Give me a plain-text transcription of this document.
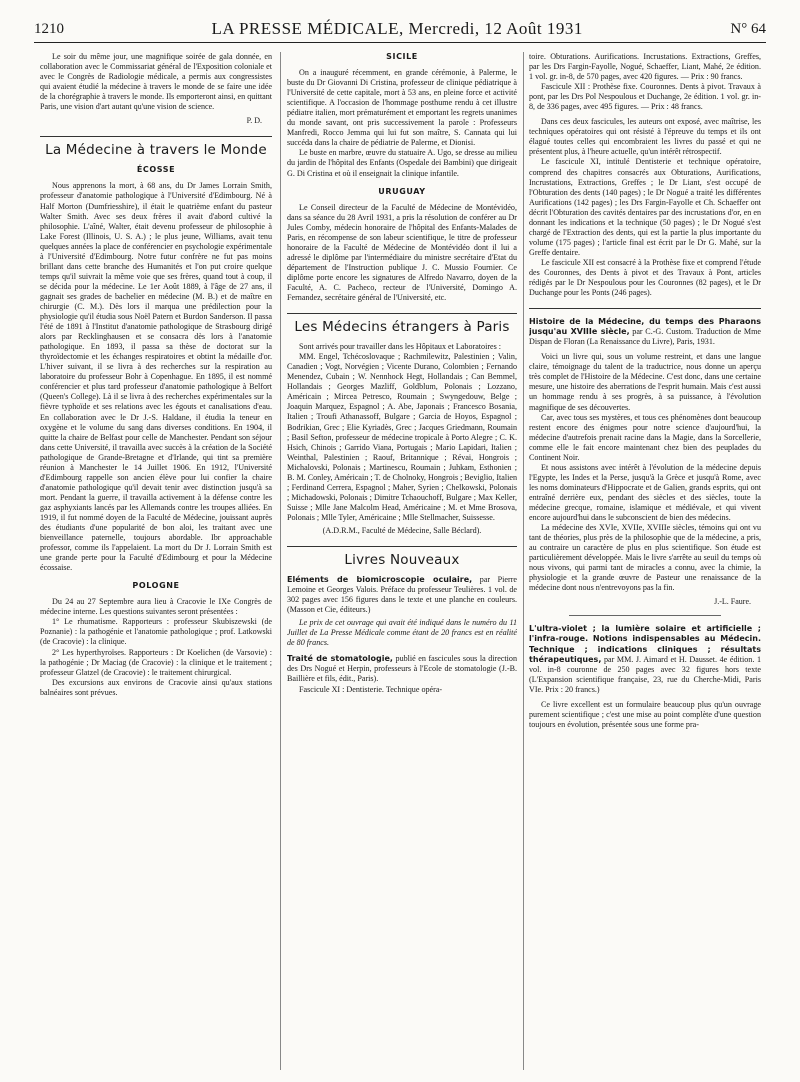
1210	LA PRESSE MÉDICALE, Mercredi, 12 Août 1931	N° 64

Le soir du même jour, une magnifique soirée de gala donnée, en collaboration avec le Commissariat général de l'Exposition coloniale et avec le Congrès de Radiologie médicale, a permis aux congressistes qui avaient étudié la médecine à travers le monde de se faire une idée de la chorégraphie à travers le monde. Ils emporteront ainsi, en quittant Paris, une vision d'art autant qu'une vision de science.

P. D.
La Médecine à travers le Monde
ÉCOSSE

Nous apprenons la mort, à 68 ans, du Dr James Lorrain Smith, professeur d'anatomie pathologique à l'Université d'Edimbourg. Né à Half Morton (Dumfriesshire), il était le quatrième enfant du pasteur Walter Smith. Avec ses deux frères il avait d'abord cultivé la philosophie. L'aîné, Walter, était devenu professeur de philosophie à Lake Forest (Illinois, U. S. A.) ; le plus jeune, Williams, avait tenu quelques années la place de conférencier en psychologie expérimentale à l'Université d'Edimbourg. Notre futur confrère ne fut pas moins brillant dans cette branche des Humanités et l'on put croire quelque temps qu'il suivrait la même voie que ses frères, quand tout à coup, il se décida pour la médecine. Le 1er Août 1889, à l'âge de 27 ans, il gagnait ses grades de bachelier en médecine (M. B.) et de maître en chirurgie (C. M.). Dès lors il marqua une prédilection pour la physiologie qu'il étudia sous Noël Patern et Burdon Sanderson. Il passa l'été de 1891 à l'Institut d'anatomie pathologique de Strasbourg dirigé alors par Recklinghausen et se consacra dès lors à l'anatomie pathologique. En 1893, il passa sa thèse de doctorat sur la thyroïdectomie et les échanges respiratoires et obtint la médaille d'or. L'hiver suivant, il se livra à des recherches sur la respiration au laboratoire du professeur Bohr à Copenhague. En 1895, il est nommé conférencier et plus tard professeur d'anatomie pathologique à Belfort (Queen's College). Là il se livra à des recherches expérimentales sur la fièvre typhoïde et ses relations avec les égouts et canalisations d'eau. En collaboration avec le Dr J.-S. Haldane, il étudia la teneur en oxygène et le volume du sang dans diverses conditions. En 1904, il quitte la chaire de Belfast pour celle de Manchester. Pendant son séjour dans cette Université, il travailla avec succès à la création de la Société pathologique de Grande-Bretagne et d'Irlande, qui tint sa première réunion à Manchester le 14 Juillet 1906. En 1912, l'Université d'Edimbourg rappelle son ancien élève pour lui confier la chaire d'anatomie pathologique qu'il devait tenir avec distinction jusqu'à sa mort. Pendant la guerre, il travailla activement à la défense contre les gaz asphyxiants lancés par les Allemands contre les troupes alliées. En 1919, il fut nommé doyen de la Faculté de Médecine, jouissant auprès des étudiants d'une popularité de bon aloi, les traitant avec une bienveillance paternelle, toujours abordable. Ibr approachable professor, comme ils l'appelaient. La mort du Dr J. Lorrain Smith est une grande perte pour la Faculté d'Edimbourg et pour la Médecine écossaise.

POLOGNE

Du 24 au 27 Septembre aura lieu à Cracovie le IXe Congrès de médecine interne. Les questions suivantes seront présentées :

1° Le rhumatisme. Rapporteurs : professeur Skubiszewski (de Poznanie) : la pathogénie et l'anatomie pathologique ; prof. Latkowski (de Cracovie) : la clinique.

2° Les hyperthyroïses. Rapporteurs : Dr Koelichen (de Varsovie) : la pathogénie ; Dr Maciag (de Cracovie) : la clinique et le traitement ; professeur Glatzel (de Cracovie) : le traitement chirurgical.

Des excursions aux environs de Cracovie ainsi qu'aux stations balnéaires sont prévues.

SICILE

On a inauguré récemment, en grande cérémonie, à Palerme, le buste du Dr Giovanni Di Cristina, professeur de clinique pédiatrique à l'Université de cette capitale, mort à 53 ans, en pleine force et activité scientifique. A l'occasion de l'hommage posthume rendu à cet illustre pédiatre italien, mort prématurément et emportant les regrets unanimes du monde savant, ont pris successivement la parole : Professeurs Manfredi, Rocco Jemma qui lui fut son maître, S. Cannata qui lui succéda dans la chaire de pédiatrie de Palerme, et Dionisi.

Le buste en marbre, œuvre du statuaire A. Ugo, se dresse au milieu du jardin de l'hôpital des Enfants (Ospedale dei Bambini) que dirigeait G. Di Cristina et où il enseignait la clinique infantile.

URUGUAY

Le Conseil directeur de la Faculté de Médecine de Montévidéo, dans sa séance du 28 Avril 1931, a pris la résolution de conférer au Dr Jules Comby, médecin honoraire de l'hôpital des Enfants-Malades de Paris, en récompense de son labeur scientifique, le titre de professeur honoraire de la Faculté de Médecine de Montévidéo dont il lui a adressé le diplôme par l'intermédiaire du ministre secrétaire d'Etat du département de l'Instruction publique J. C. Mussio Fournier. Ce diplôme porte encore les signatures de Alfredo Navarro, doyen de la Faculté, A. C. Pacheco, recteur de l'Université, Domingo A. Fernandez, secrétaire général de l'Université, etc.

Les Médecins étrangers à Paris

Sont arrivés pour travailler dans les Hôpitaux et Laboratoires :

MM. Engel, Tchécoslovaque ; Rachmilewitz, Palestinien ; Valin, Canadien ; Vogt, Norvégien ; Vicente Durano, Colombien ; Fernando Menendez, Cubain ; W. Nennhock Hegt, Hollandais ; Can Bemmel, Hollandais ; Georges Mazliff, Goldblum, Polonais ; Lozzano, Américain ; Mircea Petresco, Roumain ; Swyngedouw, Belge ; Joaquin Marquez, Espagnol ; A. Abe, Japonais ; Francesco Bosania, Italien ; Troufi Athanassoff, Bulgare ; Garcia de Hoyos, Espagnol ; Bodrikian, Grec ; Elie Kyriadès, Grec ; Jacques Griedmann, Roumain ; Basil Sefton, professeur de médecine tropicale à Porto Alegre ; C. K. Hsich, Chinois ; Garrido Viana, Portugais ; Mario Lapidari, Italien ; Weinthal, Palestinien ; Raouf, Britannique ; Révai, Hongrois ; Michalovski, Polonais ; Martinescu, Roumain ; Juhkam, Esthonien ; B. M. Conley, Américain ; T. de Cholnoky, Hongrois ; Beviglio, Italien ; Ferdinand Cerrera, Espagnol ; Maher, Syrien ; Chelkowski, Polonais ; Michadowski, Polonais ; Dimitre Tchaouchoff, Bulgare ; Max Keller, Suisse ; Mlle Jane Malcolm Head, Américaine ; M. et Mme Brosova, Polonais ; Mlle Tyler, Américaine ; Mlle Stellmacher, Suissesse.

(A.D.R.M., Faculté de Médecine, Salle Béclard).

Livres Nouveaux

Eléments de biomicroscopie oculaire, par Pierre Lemoine et Georges Valois. Préface du professeur Teulières. 1 vol. de 302 pages avec 156 figures dans le texte et une planche en couleurs. (Masson et Cie, éditeurs.)

Le prix de cet ouvrage qui avait été indiqué dans le numéro du 11 Juillet de La Presse Médicale comme étant de 20 francs est en réalité de 80 francs.

Traité de stomatologie, publié en fascicules sous la direction des Drs Nogué et Herpin, professeurs à l'Ecole de stomatologie (J.-B. Baillière et fils, édit., Paris).

Fascicule XI : Dentisterie. Technique opéra-

toire. Obturations. Aurifications. Incrustations. Extractions, Greffes, par les Drs Fargin-Fayolle, Nogué, Schaeffer, Liant, Mahé, 2e édition. 1 vol. gr. in-8, de 570 pages, avec 420 figures. — Prix : 90 francs.

Fascicule XII : Prothèse fixe. Couronnes. Dents à pivot. Travaux à pont, par les Drs Pol Nespoulous et Duchange, 2e édition. 1 vol. gr. in-8, de 336 pages, avec 495 figures. — Prix : 48 francs.

Dans ces deux fascicules, les auteurs ont exposé, avec maîtrise, les techniques opératoires qui ont résisté à l'épreuve du temps et ils ont élagué toutes celles qui encombraient les livres du passé et qui ne présentent plus, à l'heure actuelle, qu'un intérêt rétrospectif.

Le fascicule XI, intitulé Dentisterie et technique opératoire, comprend des chapitres consacrés aux Obturations, Aurifications, Incrustations, Extractions, Greffes ; le Dr Liant, s'est occupé de l'Obturation des dents (140 pages) ; le Dr Nogué a traité les différentes Aurifications (142 pages) ; les Drs Fargin-Fayolle et Ch. Schaeffer ont décrit l'Obturation des cavités dentaires par des incrustations d'or, en en donnant les indications et la technique (50 pages) ; le Dr Nogué s'est chargé de l'Extraction des dents, qui est la partie la plus importante du volume (175 pages) ; l'article final est écrit par le Dr G. Mahé, sur la Greffe dentaire.

Le fascicule XII est consacré à la Prothèse fixe et comprend l'étude des Couronnes, des Dents à pivot et des Travaux à Pont, articles rédigés par le Dr Nespoulous pour les Couronnes (82 pages), et le Dr Duchange pour les Ponts (246 pages).

Histoire de la Médecine, du temps des Pharaons jusqu'au XVIIIe siècle, par C.-G. Custom. Traduction de Mme Dispan de Floran (La Renaissance du Livre), Paris, 1931.

Voici un livre qui, sous un volume restreint, et dans une langue claire, témoignage du talent de la traductrice, nous donne un aperçu très complet de l'Histoire de la Médecine. C'est donc, dans une certaine mesure, une histoire des aberrations de l'esprit humain. Mais c'est aussi un hommage rendu à ses progrès, à sa puissance, à l'évolution magnifique de ses découvertes.

Car, avec tous ses mystères, et tous ces phénomènes dont beaucoup restent encore des énigmes pour notre science d'aujourd'hui, la médecine d'autrefois prenait racine dans la Magie, dans la Sorcellerie, comme elle le fait encore maintenant chez bien des peuplades du Continent Noir.

Et nous assistons avec intérêt à l'évolution de la médecine depuis l'Egypte, les Indes et la Perse, jusqu'à la Grèce et jusqu'à Rome, avec les noms dominateurs d'Hippocrate et de Galien, grands esprits, qui ont entraîné derrière eux, pendant des siècles et des siècles, toute la médecine grecque, romaine, islamique et médiévale, et qui vivent encore aujourd'hui dans le subconscient de bien des médecins.

La médecine des XVIe, XVIIe, XVIIIe siècles, témoins qui ont vu tant de théories, plus près de la philosophie que de la médecine, a pris, au contraire un caractère de plus en plus scientifique. Son étude est particulièrement développée. Mais le livre s'arrête au seuil du temps où nous vivons, qui parmi tant de miracles a connu, avec la chimie, la physiologie et la grande œuvre de Pasteur une renaissance de la médecine dont nous n'entrevoyons pas la fin.

J.-L. Faure.

L'ultra-violet ; la lumière solaire et artificielle ; l'infra-rouge. Notions indispensables au Médecin. Technique ; indications cliniques ; résultats thérapeutiques, par MM. J. Aimard et H. Dausset. 4e édition. 1 vol. in-8 couronne de 250 pages avec 32 figures hors texte (L'Expansion scientifique française, 23, rue du Cherche-Midi, Paris VIe. Prix : 20 francs.)

Ce livre excellent est un formulaire beaucoup plus qu'un ouvrage purement scientifique ; c'est une mise au point complète d'une question toujours en évolution, présentée sous une forme pra-
